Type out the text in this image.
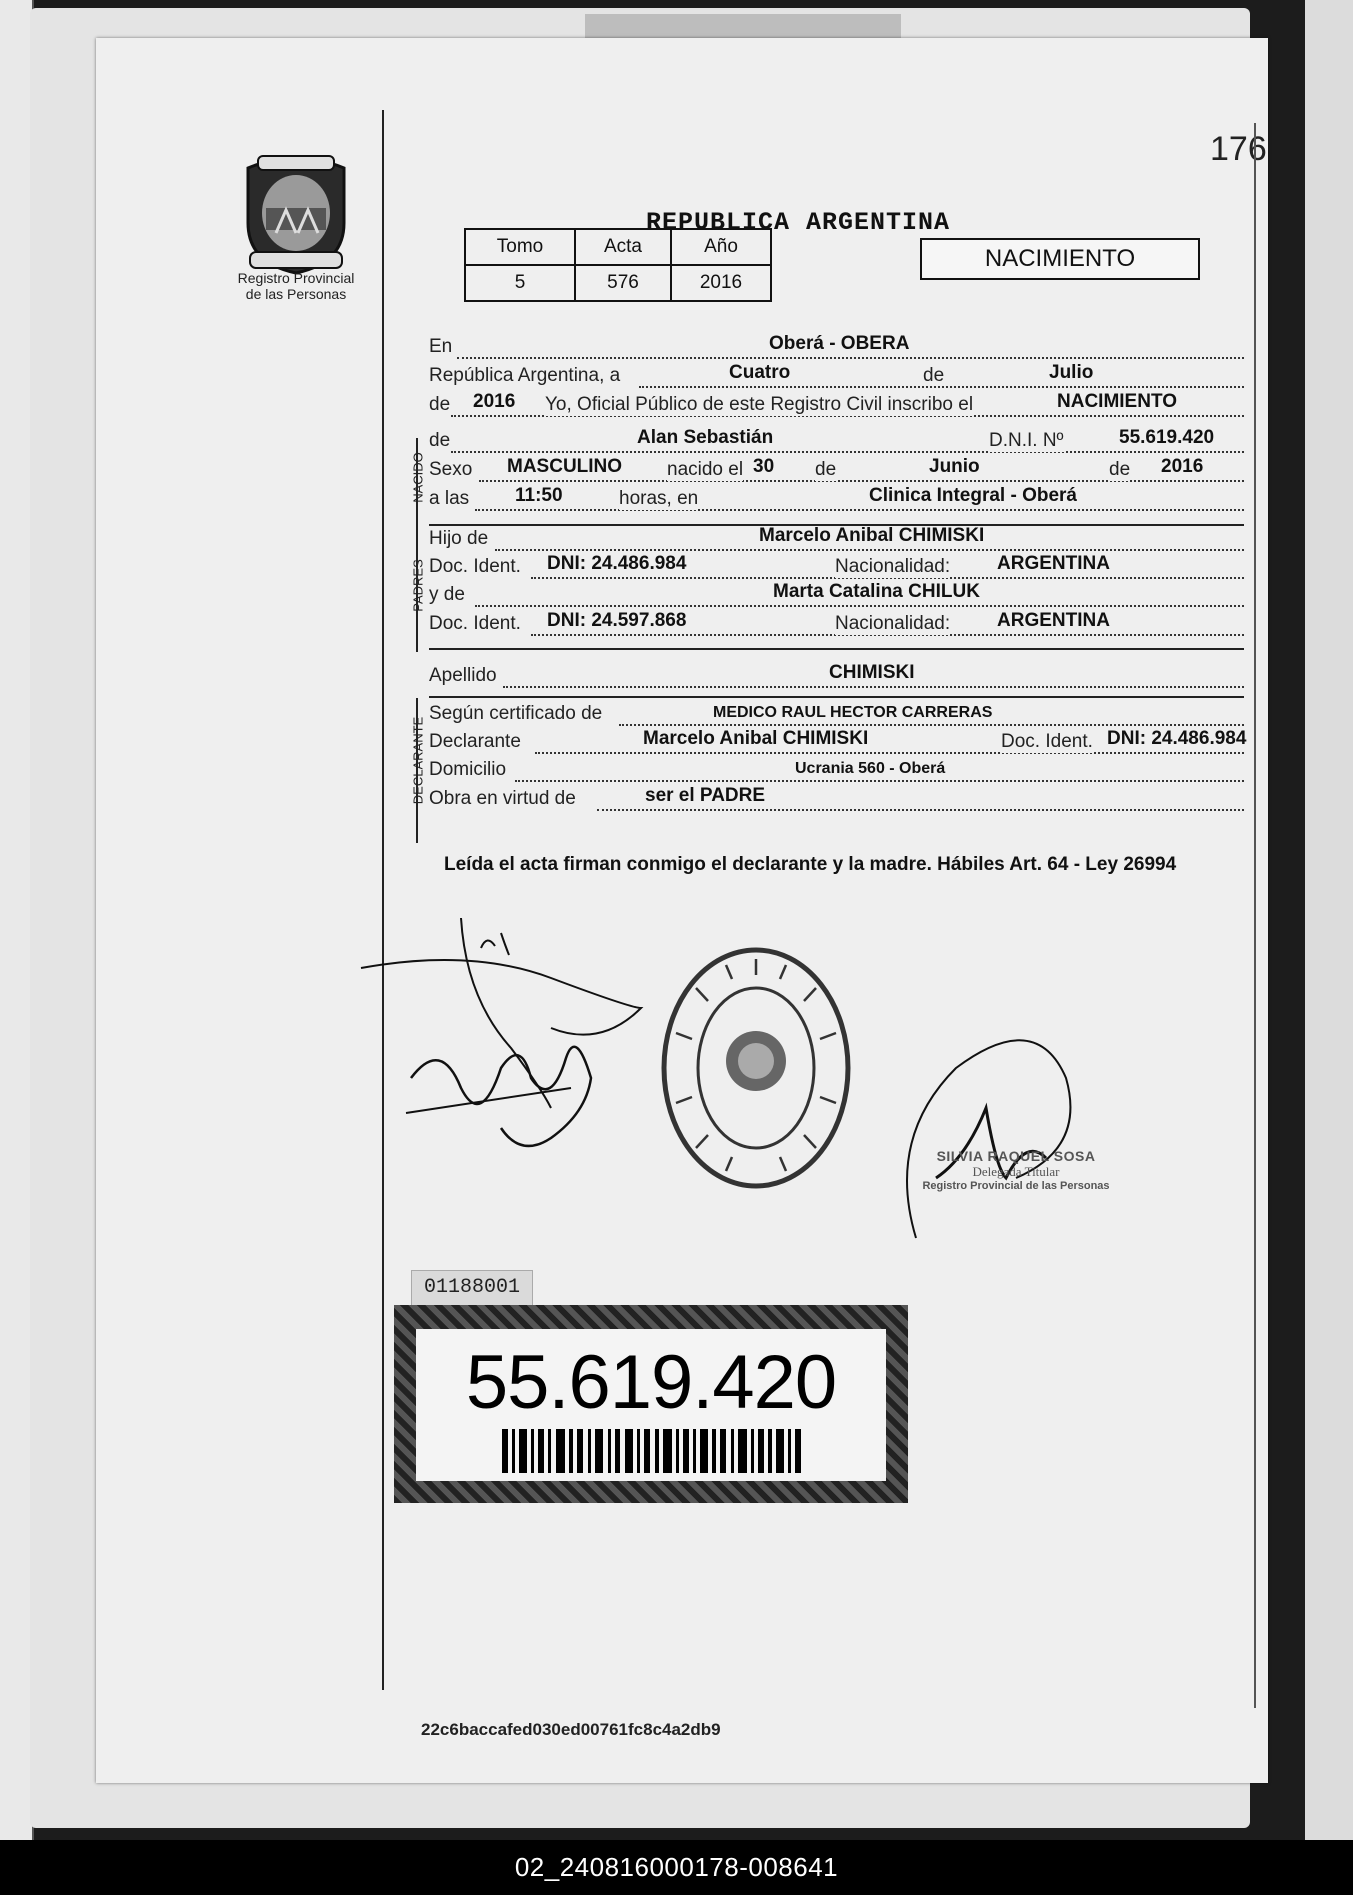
176
Registro Provincial
de las Personas
REPUBLICA ARGENTINA
Tomo	Acta	Año
5	576	2016
NACIMIENTO
En	Oberá - OBERA
República Argentina, a	Cuatro	de	Julio
de 2016 Yo, Oficial Público de este Registro Civil inscribo el	NACIMIENTO
NACIDO
de	Alan Sebastián	D.N.I. Nº	55.619.420
Sexo MASCULINO nacido el 30 de	Junio	de 2016
a las 11:50	horas, en	Clinica Integral - Oberá
PADRES
Hijo de	Marcelo Anibal CHIMISKI
Doc. Ident. DNI: 24.486.984	Nacionalidad: ARGENTINA
y de	Marta Catalina CHILUK
Doc. Ident. DNI: 24.597.868	Nacionalidad: ARGENTINA
Apellido	CHIMISKI
DECLARANTE
Según certificado de	MEDICO RAUL HECTOR CARRERAS
Declarante	Marcelo Anibal CHIMISKI	Doc. Ident. DNI: 24.486.984
Domicilio	Ucrania 560 - Oberá
Obra en virtud de	ser el PADRE
Leída el acta firman conmigo el declarante y la madre. Hábiles Art. 64 - Ley 26994
SILVIA RAQUEL SOSA
Delegada Titular
Registro Provincial de las Personas
01188001
55.619.420
22c6baccafed030ed00761fc8c4a2db9
02_240816000178-008641
